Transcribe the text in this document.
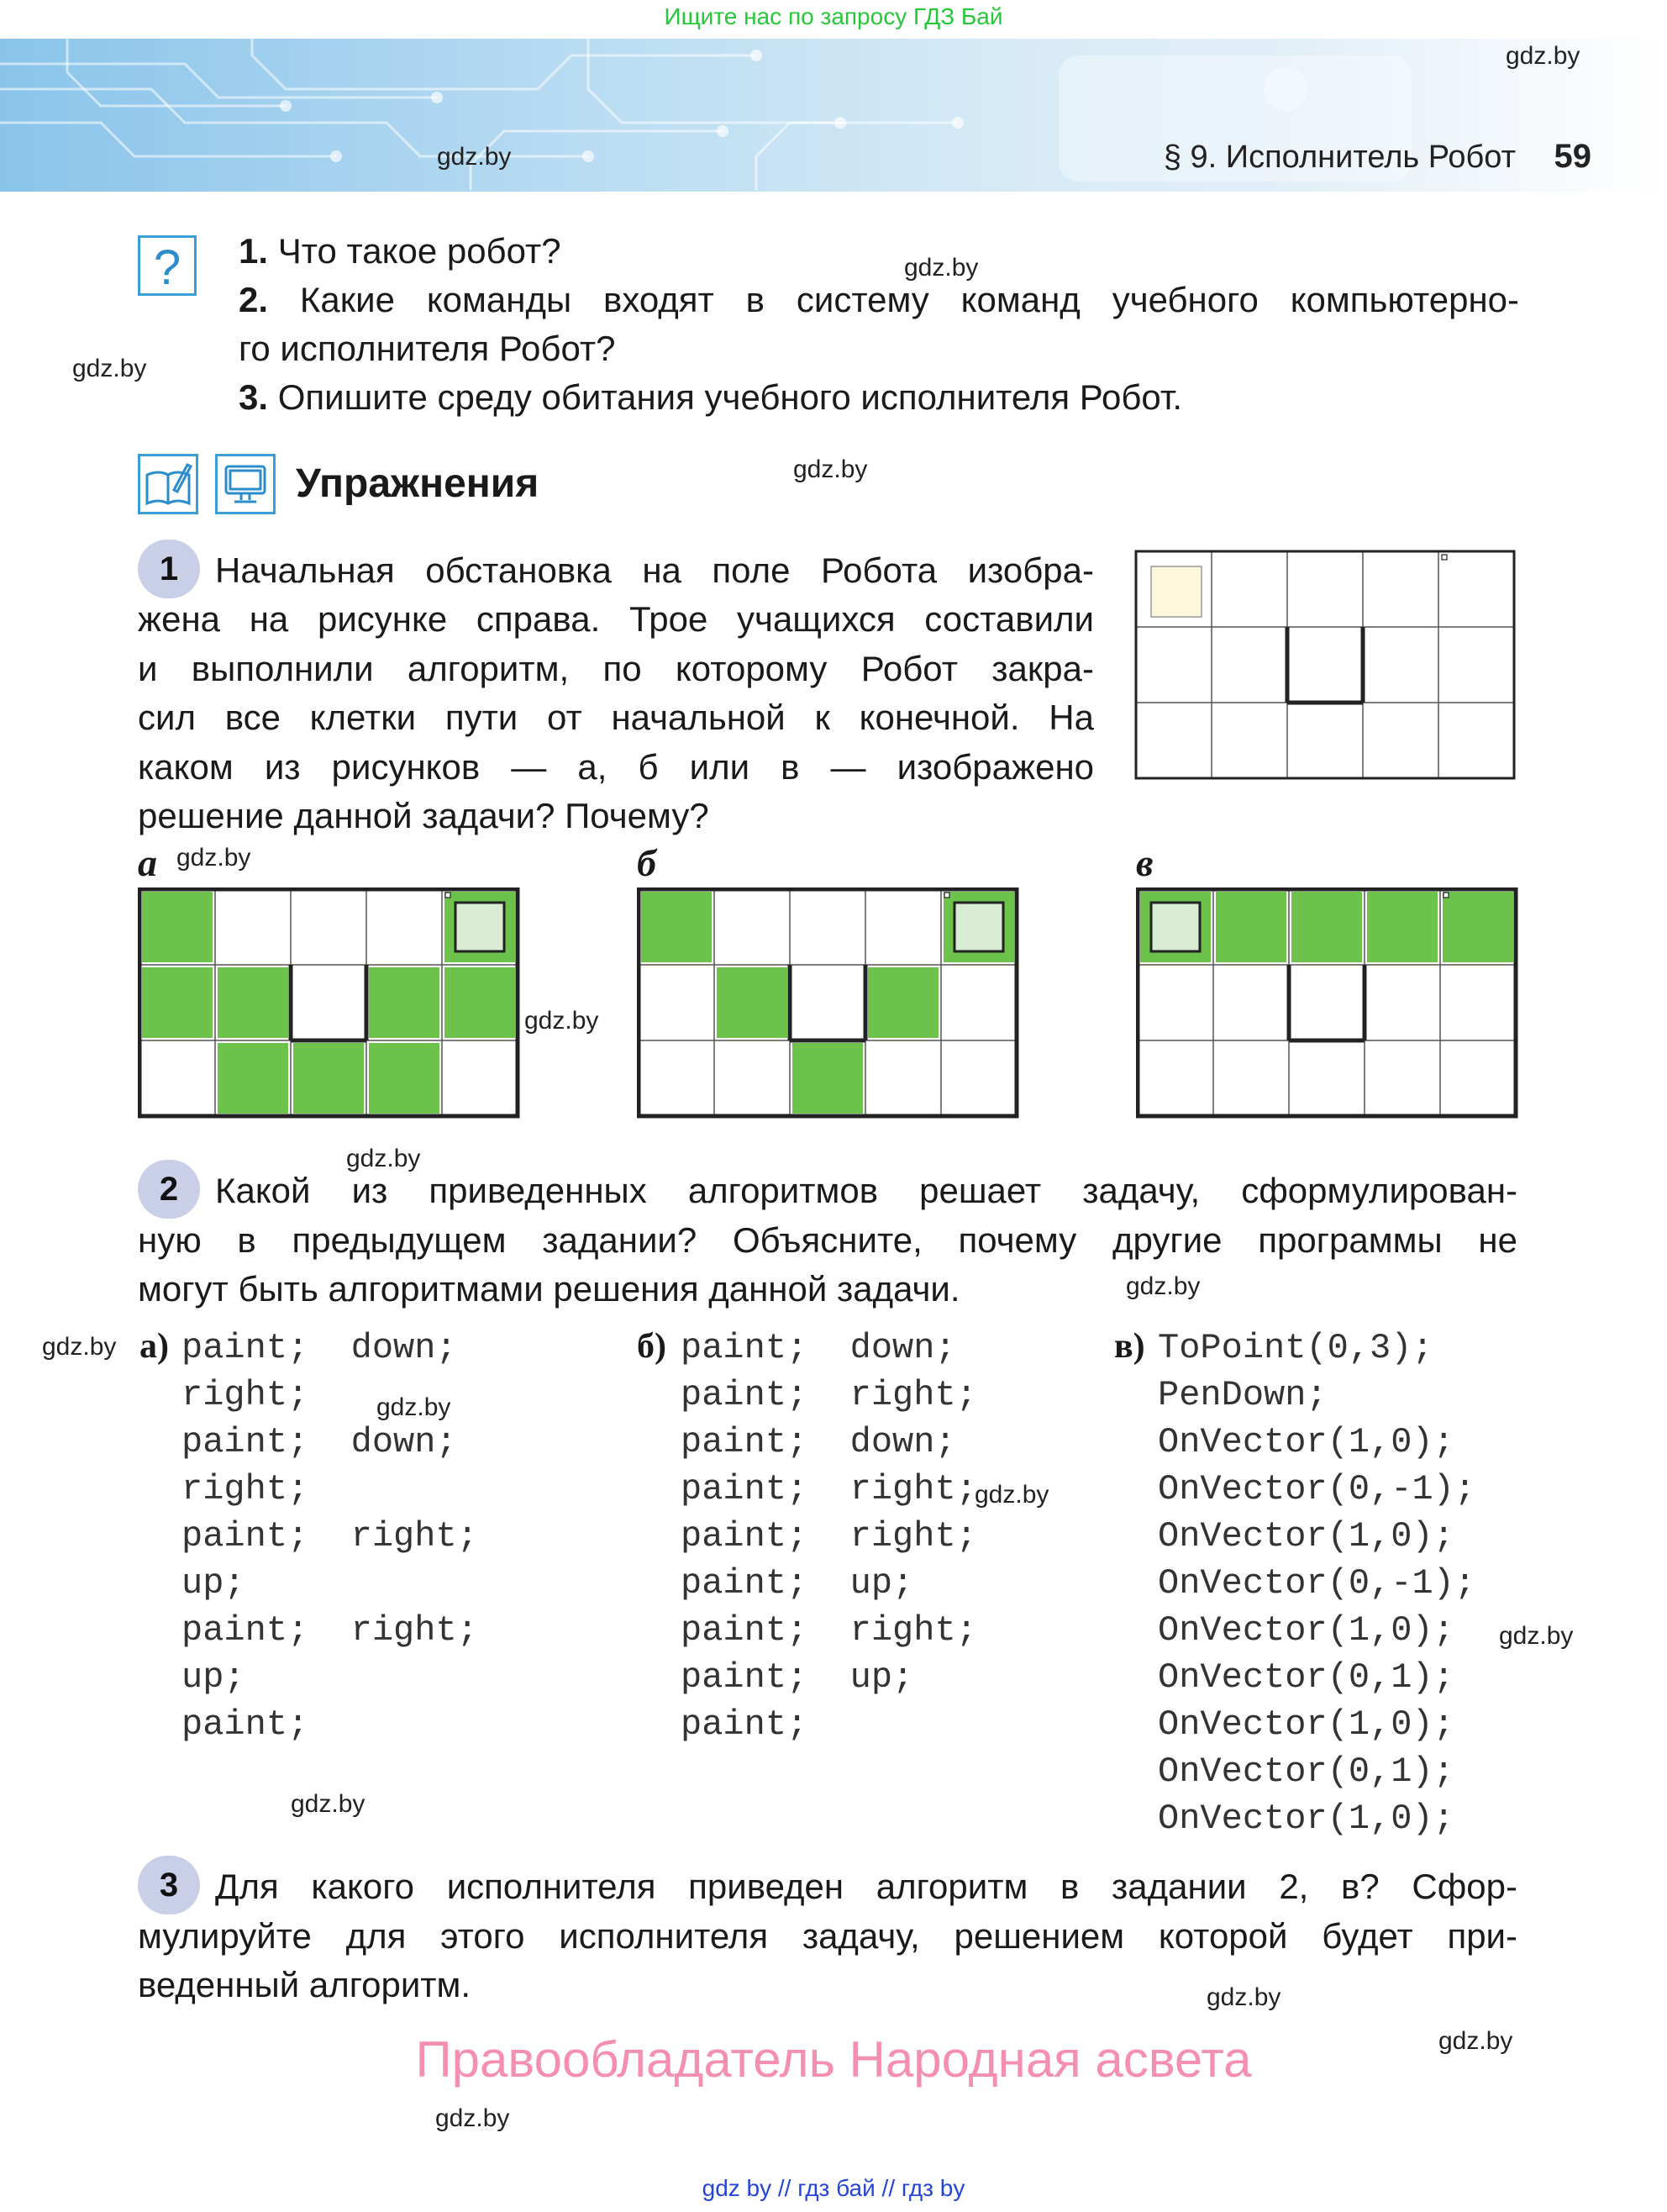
Ищите нас по запросу ГДЗ Бай
§ 9. Исполнитель Робот 59
gdz.by
gdz.by
gdz.by
gdz.by
gdz.by
gdz.by
gdz.by
gdz.by
gdz.by
gdz.by
gdz.by
gdz.by
gdz.by
gdz.by
gdz.by
gdz.by
gdz.by
?	1. Что такое робот?
2. Какие команды входят в систему команд учебного компьютерно-
го исполнителя Робот?
3. Опишите среду обитания учебного исполнителя Робот.
Упражнения
1	Начальная обстановка на поле Робота изобра-
жена на рисунке справа. Трое учащихся составили
и выполнили алгоритм, по которому Робот закра-
сил все клетки пути от начальной к конечной. На
каком из рисунков — а, б или в — изображено
решение данной задачи? Почему?
а	б	в
2	Какой из приведенных алгоритмов решает задачу, сформулирован-
ную в предыдущем задании? Объясните, почему другие программы не
могут быть алгоритмами решения данной задачи.
а) paint;  down;
right;
paint;  down;
right;
paint;  right;
up;
paint;  right;
up;
paint;
б) paint;  down;
paint;  right;
paint;  down;
paint;  right;
paint;  right;
paint;  up;
paint;  right;
paint;  up;
paint;
в) ToPoint(0,3);
PenDown;
OnVector(1,0);
OnVector(0,-1);
OnVector(1,0);
OnVector(0,-1);
OnVector(1,0);
OnVector(0,1);
OnVector(1,0);
OnVector(0,1);
OnVector(1,0);
3	Для какого исполнителя приведен алгоритм в задании 2, в? Сфор-
мулируйте для этого исполнителя задачу, решением которой будет при-
веденный алгоритм.
Правообладатель Народная асвета
gdz by // гдз бай // гдз by
